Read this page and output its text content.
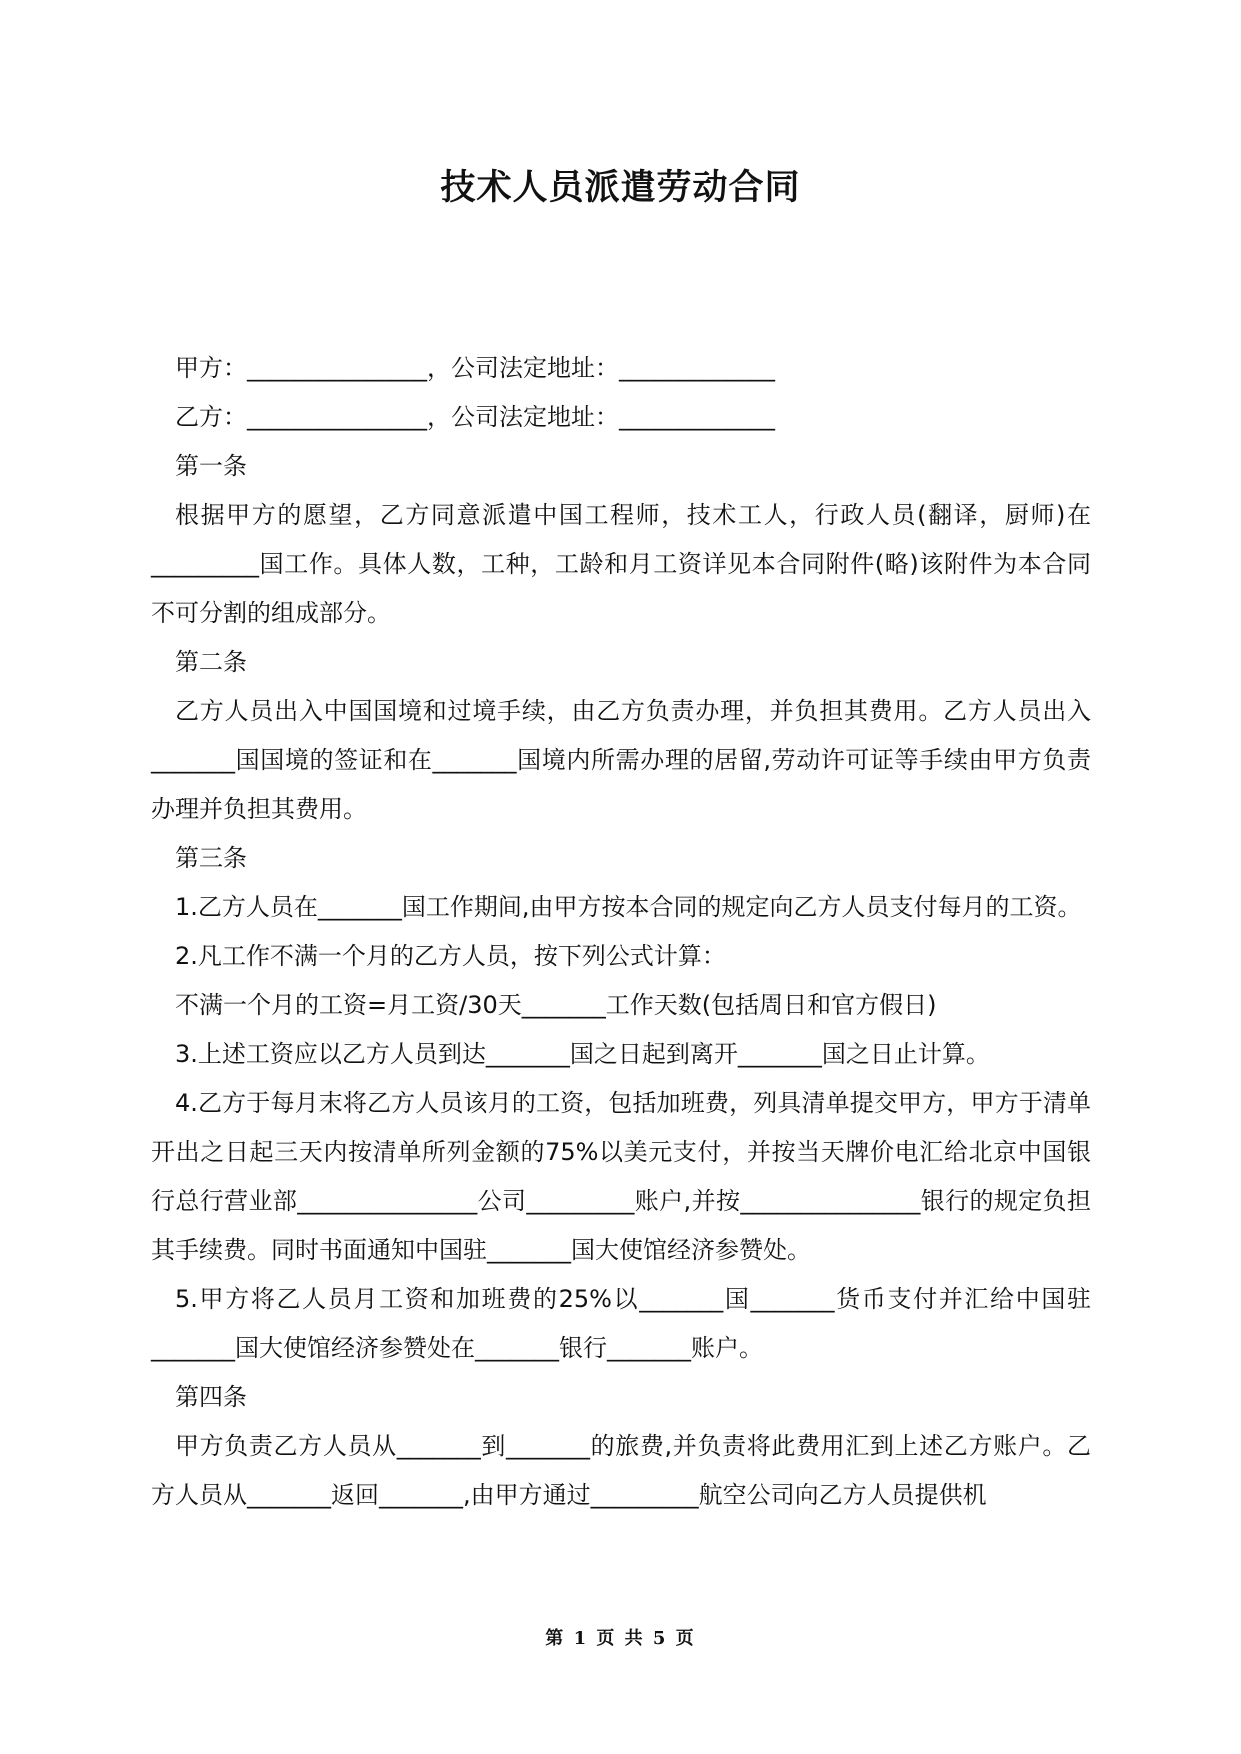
技术人员派遣劳动合同

甲方：_______________，公司法定地址：_____________

乙方：_______________，公司法定地址：_____________

第一条

根据甲方的愿望，乙方同意派遣中国工程师，技术工人，行政人员(翻译，厨师)在_________国工作。具体人数，工种，工龄和月工资详见本合同附件(略)该附件为本合同不可分割的组成部分。

第二条

乙方人员出入中国国境和过境手续，由乙方负责办理，并负担其费用。乙方人员出入_______国国境的签证和在_______国境内所需办理的居留,劳动许可证等手续由甲方负责办理并负担其费用。

第三条

1.乙方人员在_______国工作期间,由甲方按本合同的规定向乙方人员支付每月的工资。

2.凡工作不满一个月的乙方人员，按下列公式计算：

不满一个月的工资=月工资/30天_______工作天数(包括周日和官方假日)

3.上述工资应以乙方人员到达_______国之日起到离开_______国之日止计算。

4.乙方于每月末将乙方人员该月的工资，包括加班费，列具清单提交甲方，甲方于清单开出之日起三天内按清单所列金额的75%以美元支付，并按当天牌价电汇给北京中国银行总行营业部_______________公司_________账户,并按_______________银行的规定负担其手续费。同时书面通知中国驻_______国大使馆经济参赞处。

5.甲方将乙人员月工资和加班费的25%以_______国_______货币支付并汇给中国驻_______国大使馆经济参赞处在_______银行_______账户。

第四条

甲方负责乙方人员从_______到_______的旅费,并负责将此费用汇到上述乙方账户。乙方人员从_______返回_______,由甲方通过_________航空公司向乙方人员提供机

第 1 页 共 5 页
